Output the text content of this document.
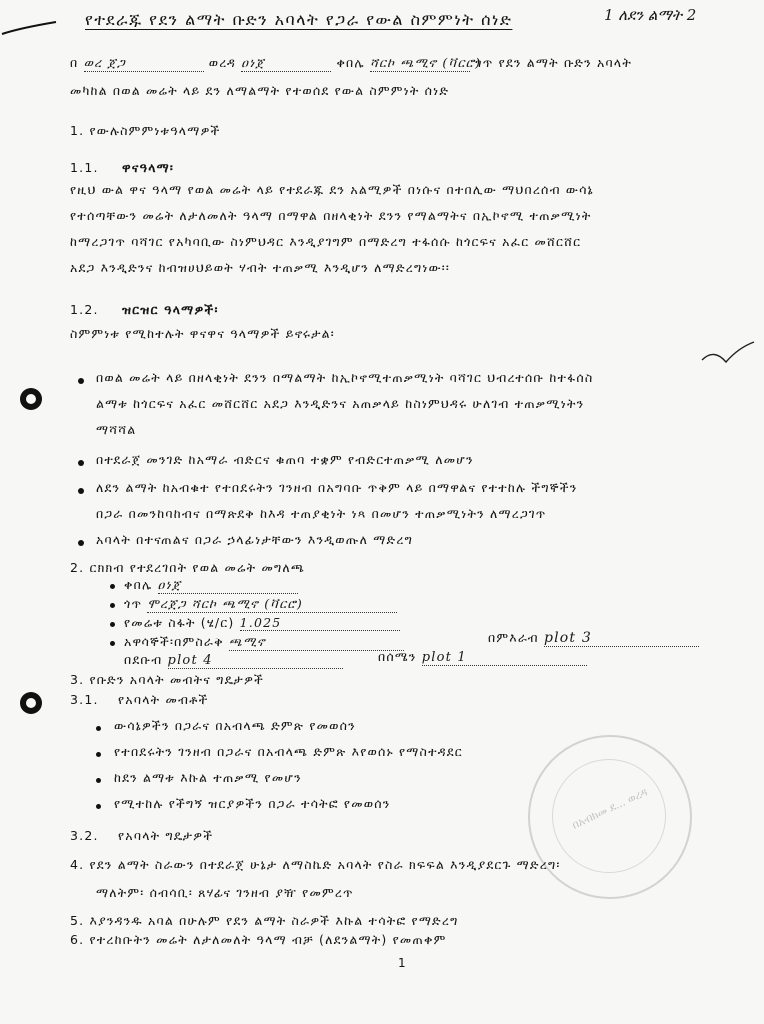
የተደራጁ የደን ልማት ቡድን አባላት የጋራ የውል ስምምነት ሰነድ	1 ለደን ልማት 2
በ ወረ ጀጋ	ወረዳ ዐነጀ	ቀበሌ ሻርኮ ጫሚኖ (ቫርሮ) ጎጥ የደን ልማት ቡድን አባላት
መካከል በወል መሬት ላይ ደን ለማልማት የተወሰደ የውል ስምምነት ሰነድ
1. የውሉስምምነቱዓላማዎች
1.1. ዋናዓላማ፡
የዚህ ውል ዋና ዓላማ የወል መሬት ላይ የተደራጁ ደን አልሚዎች በነሱና በተበሊው ማህበረሰብ ውሳኔ
የተሰጣቸውን መሬት ለታለመለት ዓላማ በማዋል በዘላቂነት ደንን የማልማትና በኢኮኖሚ ተጠቃሚነት
ከማረጋገጥ ባሻገር የአካባቢው ስነምህዳር እንዲያገግም በማድረግ ተፋሰሱ ከጎርፍና አፈር መሸርሸር
አደጋ እንዲድንና ከብዝሀህይወት ሃብት ተጠቃሚ እንዲሆን ለማድረግነው፡፡
1.2. ዝርዝር ዓላማዎች፡
ስምምነቱ የሚከተሉት ዋናዋና ዓላማዎች ይኖሩታል፡
በወል መሬት ላይ በዘላቂነት ደንን በማልማት ከኢኮኖሚተጠቃሚነት ባሻገር ህብረተሰቡ ከተፋሰስ
ልማቱ ከጎርፍና አፈር መሸርሸር አደጋ እንዲድንና አጠቃላይ ከስነምህዳሩ ሁለገብ ተጠቃሚነትን
ማሻሻል
በተደራጀ መንገድ ከአማራ ብድርና ቁጠባ ተቋም የብድርተጠቃሚ ለመሆን
ለደን ልማት ከአብቁተ የተበደሩትን ገንዘብ በአግባቡ ጥቅም ላይ በማዋልና የተተከሉ ችግኞችን
በጋራ በመንከባከብና በማጽደቅ ከእዳ ተጠያቂነት ነጻ በመሆን ተጠቃሚነትን ለማረጋገጥ
አባላት በተናጠልና በጋራ ኃላፊነታቸውን እንዲወጡለ ማድረግ
2. ርክክብ የተደረገበት የወል መሬት መግለጫ
ቀበሌ ዐነጀ
ጎጥ ሞረጀጋ ሻርኮ ጫሚኖ (ቫርሮ)
የመሬቱ ስፋት (ሄ/ር) 1.025
አዋሳኞች፡በምስራቅ ጫሚኖ	በምእራብ plot 3
በደቡብ plot 4	በሰሜን plot 1
3. የቡድን አባላት መብትና ግዴታዎች
3.1. የአባላት መብቶች
ውሳኔዎችን በጋራና በአብላጫ ድምጽ የመወሰን
የተበደሩትን ገንዘብ በጋራና በአብላጫ ድምጽ እየወሰኑ የማስተዳደር
ከደን ልማቱ እኩል ተጠቃሚ የመሆን
የሚተከሉ የችግኝ ዝርያዎችን በጋራ ተሳትፎ የመወሰን
3.2. የአባላት ግዴታዎች
በአብክመ ደ... ወረዳ
4. የደን ልማት ስራውን በተደራጀ ሁኔታ ለማስኬድ አባላት የስራ ክፍፍል እንዲያደርጉ ማድረግ፡
ማለትም፡ ሰብሳቢ፡ ጸሃፊና ገንዘብ ያዥ የመምረጥ
5. እያንዳንዱ አባል በሁሉም የደን ልማት ስራዎች እኩል ተሳትፎ የማድረግ
6. የተረከቡትን መሬት ለታለመለት ዓላማ ብቻ (ለደንልማት) የመጠቀም
1
